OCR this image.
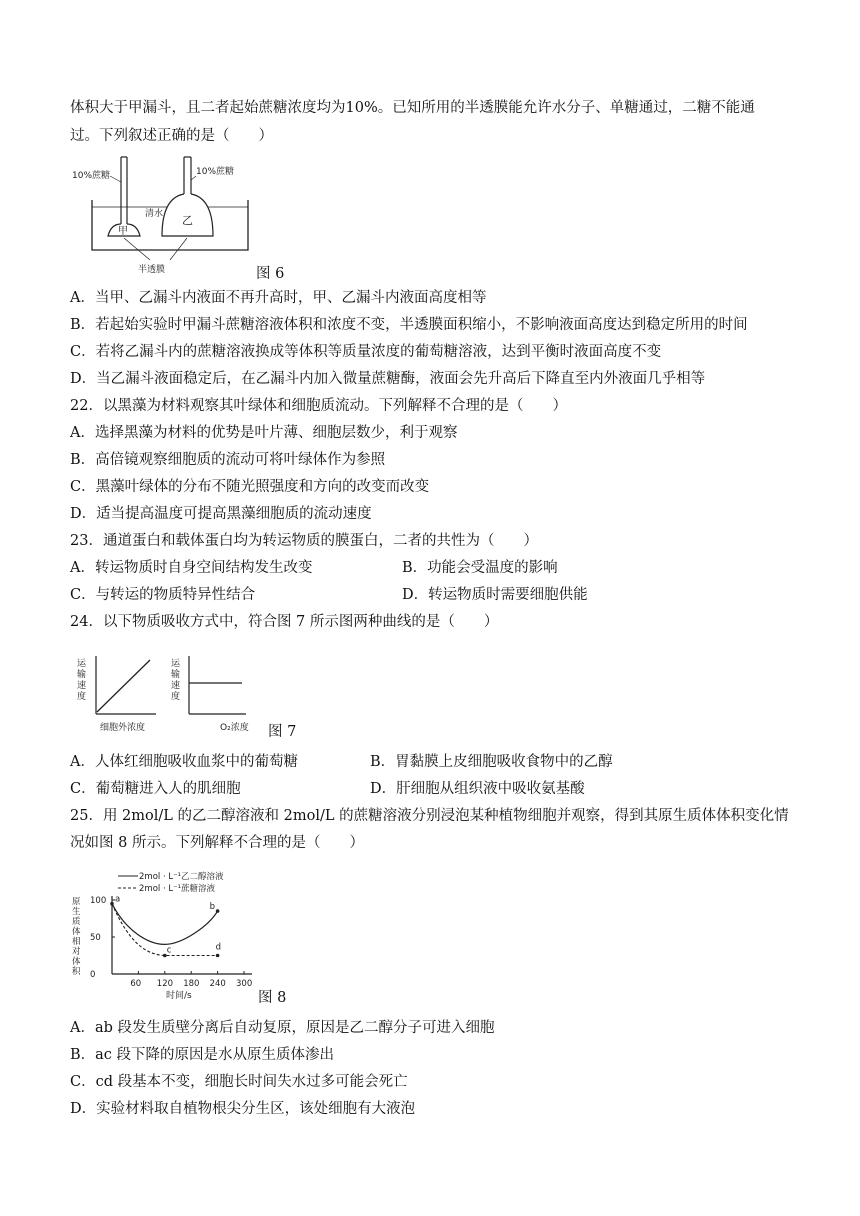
体积大于甲漏斗，且二者起始蔗糖浓度均为10%。已知所用的半透膜能允许水分子、单糖通过，二糖不能通
过。下列叙述正确的是（　　）
10%蔗糖	10%蔗糖
清水
甲
乙
半透膜	图 6
A．当甲、乙漏斗内液面不再升高时，甲、乙漏斗内液面高度相等
B．若起始实验时甲漏斗蔗糖溶液体积和浓度不变，半透膜面积缩小，不影响液面高度达到稳定所用的时间
C．若将乙漏斗内的蔗糖溶液换成等体积等质量浓度的葡萄糖溶液，达到平衡时液面高度不变
D．当乙漏斗液面稳定后，在乙漏斗内加入微量蔗糖酶，液面会先升高后下降直至内外液面几乎相等
22．以黑藻为材料观察其叶绿体和细胞质流动。下列解释不合理的是（　　）
A．选择黑藻为材料的优势是叶片薄、细胞层数少，利于观察
B．高倍镜观察细胞质的流动可将叶绿体作为参照
C．黑藻叶绿体的分布不随光照强度和方向的改变而改变
D．适当提高温度可提高黑藻细胞质的流动速度
23．通道蛋白和载体蛋白均为转运物质的膜蛋白，二者的共性为（　　）
A．转运物质时自身空间结构发生改变	B．功能会受温度的影响
C．与转运的物质特异性结合	D．转运物质时需要细胞供能
24．以下物质吸收方式中，符合图 7 所示图两种曲线的是（　　）
运
输
速
度
细胞外浓度
运
输
速
度
O₂浓度 图 7
A．人体红细胞吸收血浆中的葡萄糖	B．胃黏膜上皮细胞吸收食物中的乙醇
C．葡萄糖进入人的肌细胞	D．肝细胞从组织液中吸收氨基酸
25．用 2mol/L 的乙二醇溶液和 2mol/L 的蔗糖溶液分别浸泡某种植物细胞并观察，得到其原生质体体积变化情
况如图 8 所示。下列解释不合理的是（　　）
2mol · L⁻¹乙二醇溶液
2mol · L⁻¹蔗糖溶液
原
生
质
体
相
对
体
积
100
50
0
60 120 180 240 300
a
b
c	d
时间/s	图 8
A．ab 段发生质壁分离后自动复原，原因是乙二醇分子可进入细胞
B．ac 段下降的原因是水从原生质体渗出
C．cd 段基本不变，细胞长时间失水过多可能会死亡
D．实验材料取自植物根尖分生区，该处细胞有大液泡
